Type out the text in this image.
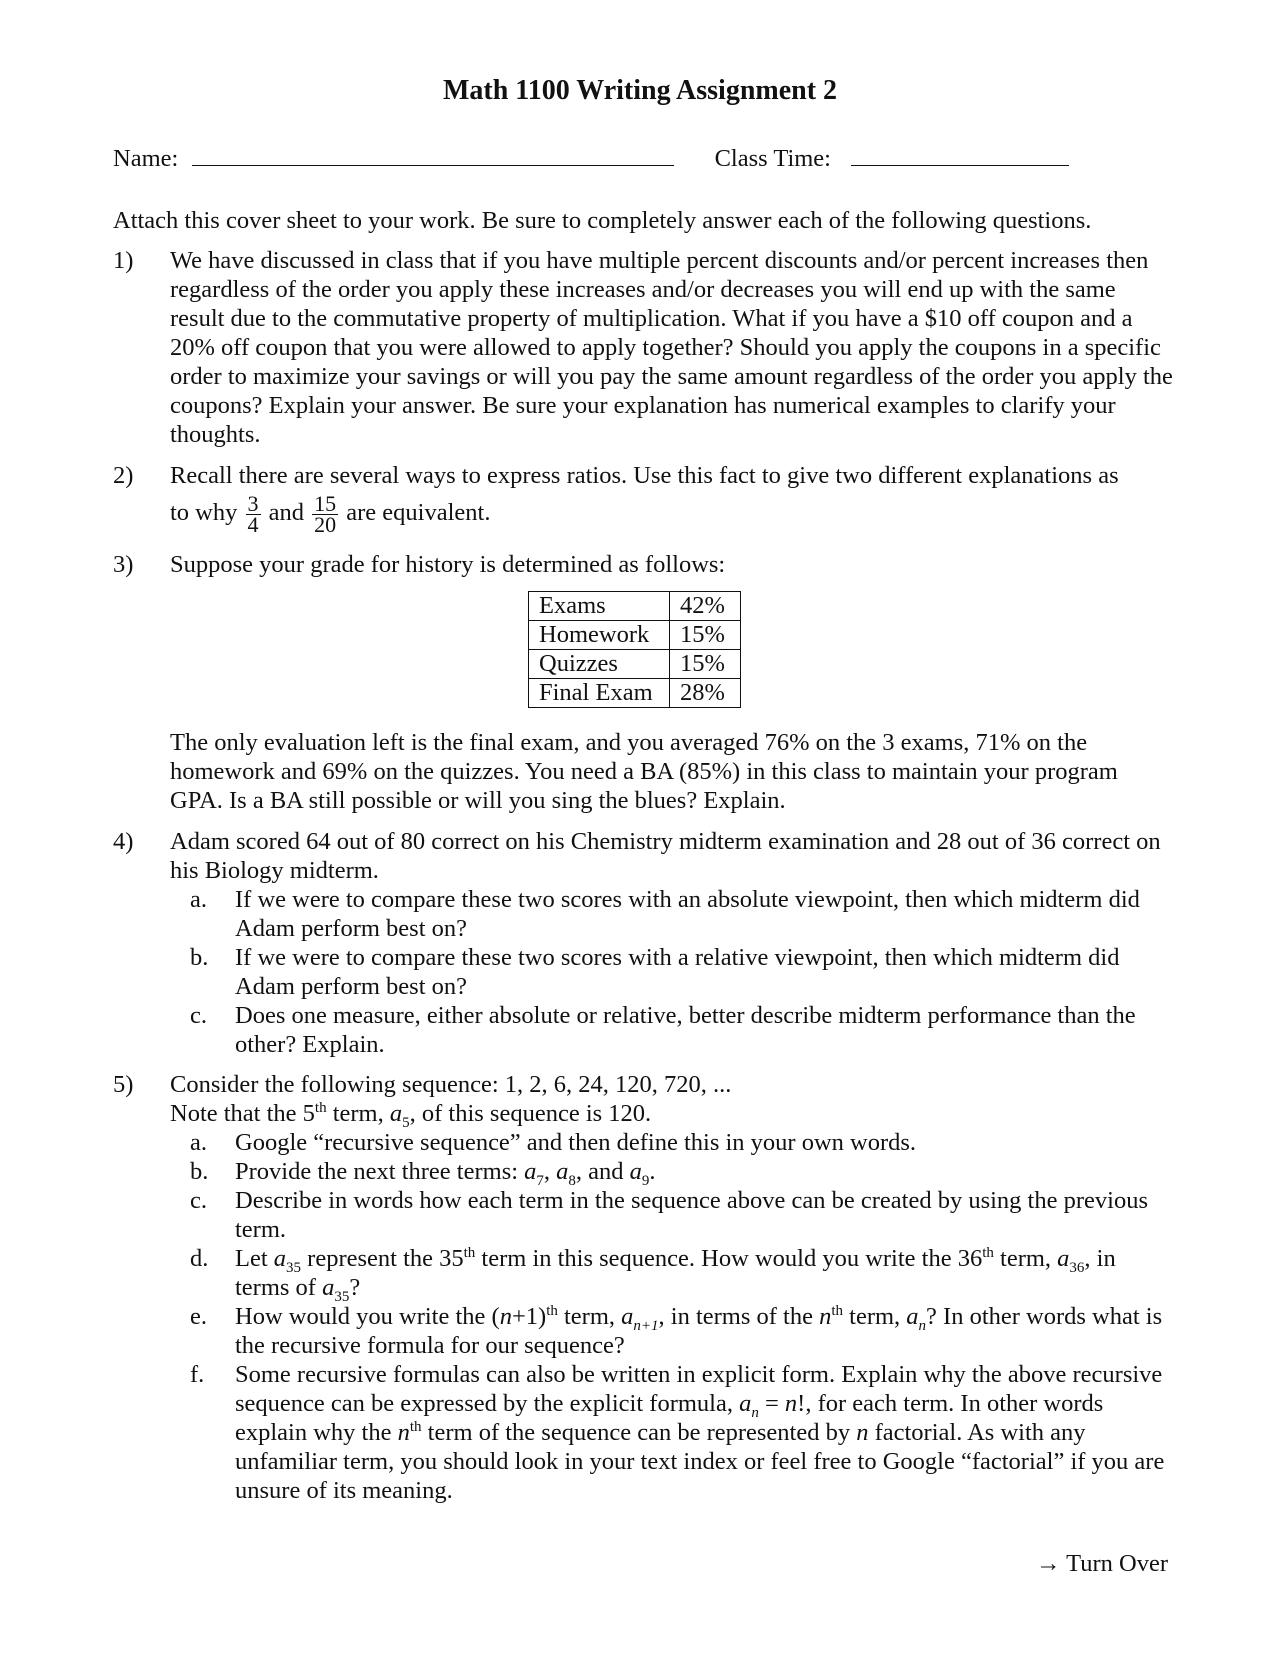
Math 1100 Writing Assignment 2
Name:	Class Time:
Attach this cover sheet to your work. Be sure to completely answer each of the following questions.
1) We have discussed in class that if you have multiple percent discounts and/or percent increases then regardless of the order you apply these increases and/or decreases you will end up with the same result due to the commutative property of multiplication. What if you have a $10 off coupon and a 20% off coupon that you were allowed to apply together? Should you apply the coupons in a specific order to maximize your savings or will you pay the same amount regardless of the order you apply the coupons? Explain your answer. Be sure your explanation has numerical examples to clarify your thoughts.
2) Recall there are several ways to express ratios. Use this fact to give two different explanations as
to why $\frac{3}{4}$ and $\frac{15}{20}$ are equivalent.
3) Suppose your grade for history is determined as follows:
Exams	42%
Homework	15%
Quizzes	15%
Final Exam	28%
The only evaluation left is the final exam, and you averaged 76% on the 3 exams, 71% on the homework and 69% on the quizzes. You need a BA (85%) in this class to maintain your program GPA. Is a BA still possible or will you sing the blues? Explain.
4) Adam scored 64 out of 80 correct on his Chemistry midterm examination and 28 out of 36 correct on his Biology midterm.
a. If we were to compare these two scores with an absolute viewpoint, then which midterm did Adam perform best on?
b. If we were to compare these two scores with a relative viewpoint, then which midterm did Adam perform best on?
c. Does one measure, either absolute or relative, better describe midterm performance than the other? Explain.
5) Consider the following sequence: 1, 2, 6, 24, 120, 720, ...
Note that the 5th term, $a_5$, of this sequence is 120.
a. Google “recursive sequence” and then define this in your own words.
b. Provide the next three terms: $a_7$, $a_8$, and $a_9$.
c. Describe in words how each term in the sequence above can be created by using the previous term.
d. Let $a_{35}$ represent the 35th term in this sequence. How would you write the 36th term, $a_{36}$, in terms of $a_{35}$?
e. How would you write the $(n+1)^{th}$ term, $a_{n+1}$, in terms of the $n^{th}$ term, $a_n$? In other words what is the recursive formula for our sequence?
f. Some recursive formulas can also be written in explicit form. Explain why the above recursive sequence can be expressed by the explicit formula, $a_n = n$!, for each term. In other words explain why the $n^{th}$ term of the sequence can be represented by n factorial. As with any unfamiliar term, you should look in your text index or feel free to Google “factorial” if you are unsure of its meaning.
→ Turn Over
